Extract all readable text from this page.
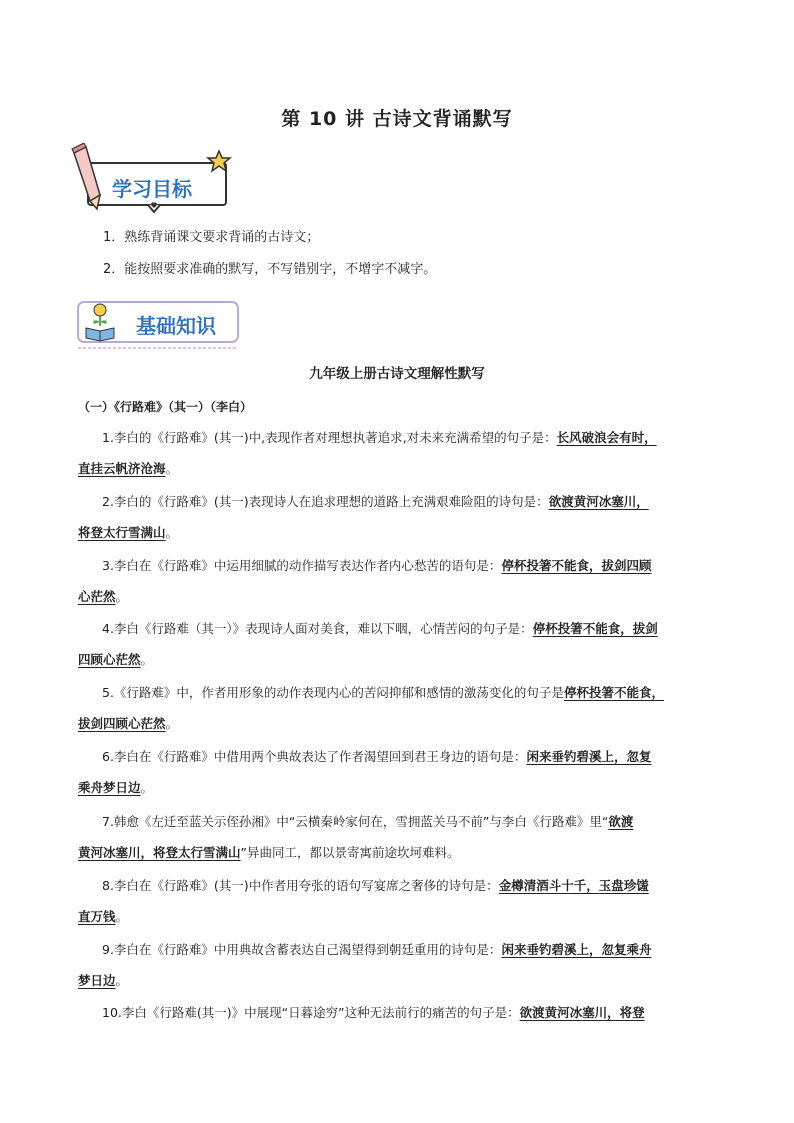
第 10 讲 古诗文背诵默写
学习目标
1．熟练背诵课文要求背诵的古诗文；
2．能按照要求准确的默写，不写错别字，不增字不减字。
基础知识
九年级上册古诗文理解性默写
（一）《行路难》（其一）（李白）
1.李白的《行路难》(其一)中,表现作者对理想执著追求,对未来充满希望的句子是：长风破浪会有时，
直挂云帆济沧海。
2.李白的《行路难》(其一)表现诗人在追求理想的道路上充满艰难险阻的诗句是：欲渡黄河冰塞川，
将登太行雪满山。
3.李白在《行路难》中运用细腻的动作描写表达作者内心愁苦的语句是：停杯投箸不能食，拔剑四顾
心茫然。
4.李白《行路难（其一）》表现诗人面对美食，难以下咽，心情苦闷的句子是：停杯投箸不能食，拔剑
四顾心茫然。
5.《行路难》中，作者用形象的动作表现内心的苦闷抑郁和感情的激荡变化的句子是停杯投箸不能食，
拔剑四顾心茫然。
6.李白在《行路难》中借用两个典故表达了作者渴望回到君王身边的语句是：闲来垂钓碧溪上，忽复
乘舟梦日边。
7.韩愈《左迁至蓝关示侄孙湘》中“云横秦岭家何在，雪拥蓝关马不前”与李白《行路难》里“欲渡
黄河冰塞川，将登太行雪满山”异曲同工，都以景寄寓前途坎坷难料。
8.李白在《行路难》(其一)中作者用夸张的语句写宴席之奢侈的诗句是：金樽清酒斗十千，玉盘珍馐
直万钱。
9.李白在《行路难》中用典故含蓄表达自己渴望得到朝廷重用的诗句是：闲来垂钓碧溪上，忽复乘舟
梦日边。
10.李白《行路难(其一)》中展现“日暮途穷”这种无法前行的痛苦的句子是：欲渡黄河冰塞川，将登
